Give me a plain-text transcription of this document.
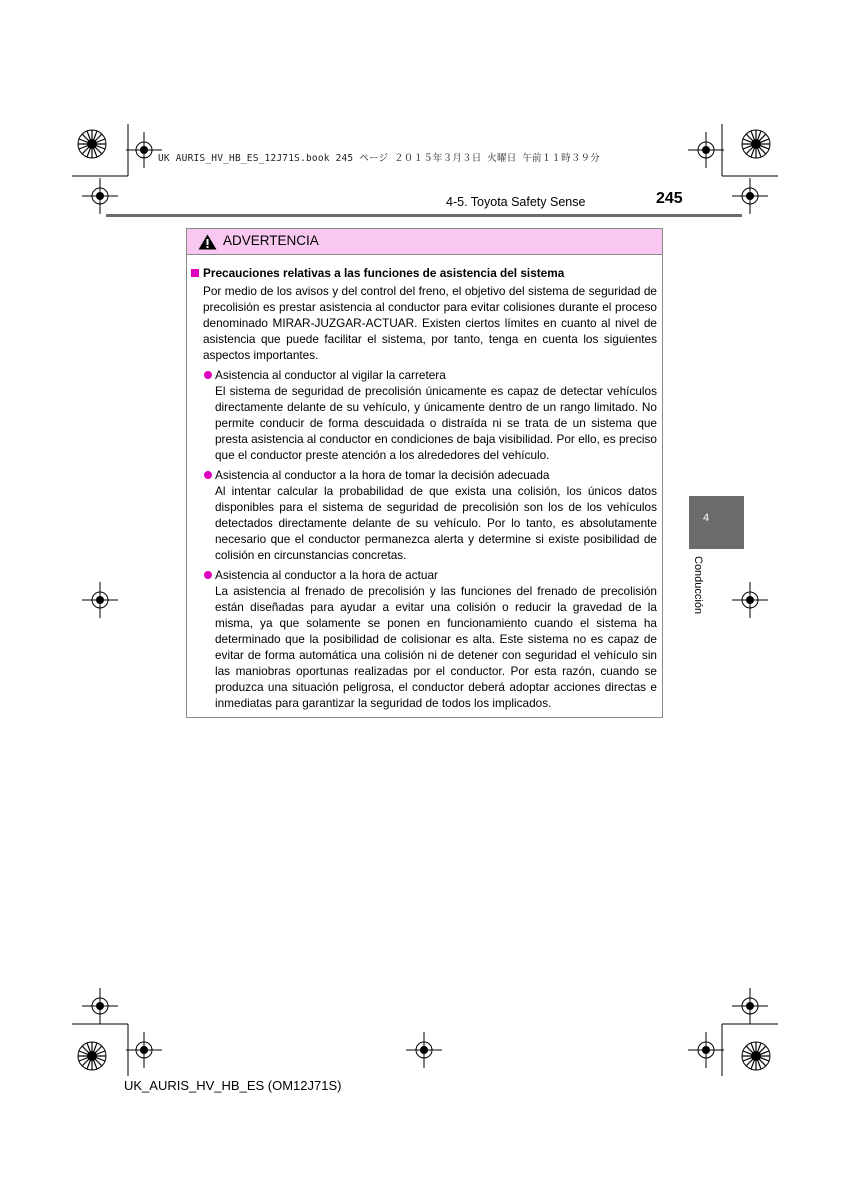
UK AURIS_HV_HB_ES_12J71S.book 245 ページ ２０１５年３月３日 火曜日 午前１１時３９分
4-5. Toyota Safety Sense	245
ADVERTENCIA
Precauciones relativas a las funciones de asistencia del sistema
Por medio de los avisos y del control del freno, el objetivo del sistema de seguridad de precolisión es prestar asistencia al conductor para evitar colisiones durante el proceso denominado MIRAR-JUZGAR-ACTUAR. Existen ciertos límites en cuanto al nivel de asistencia que puede facilitar el sistema, por tanto, tenga en cuenta los siguientes aspectos importantes.
Asistencia al conductor al vigilar la carretera
El sistema de seguridad de precolisión únicamente es capaz de detectar vehículos directamente delante de su vehículo, y únicamente dentro de un rango limitado. No permite conducir de forma descuidada o distraída ni se trata de un sistema que presta asistencia al conductor en condiciones de baja visibilidad. Por ello, es preciso que el conductor preste atención a los alrededores del vehículo.
Asistencia al conductor a la hora de tomar la decisión adecuada
Al intentar calcular la probabilidad de que exista una colisión, los únicos datos disponibles para el sistema de seguridad de precolisión son los de los vehículos detectados directamente delante de su vehículo. Por lo tanto, es absolutamente necesario que el conductor permanezca alerta y determine si existe posibilidad de colisión en circunstancias concretas.
Asistencia al conductor a la hora de actuar
La asistencia al frenado de precolisión y las funciones del frenado de precolisión están diseñadas para ayudar a evitar una colisión o reducir la gravedad de la misma, ya que solamente se ponen en funcionamiento cuando el sistema ha determinado que la posibilidad de colisionar es alta. Este sistema no es capaz de evitar de forma automática una colisión ni de detener con seguridad el vehículo sin las maniobras oportunas realizadas por el conductor. Por esta razón, cuando se produzca una situación peligrosa, el conductor deberá adoptar acciones directas e inmediatas para garantizar la seguridad de todos los implicados.
4
Conducción
UK_AURIS_HV_HB_ES (OM12J71S)
